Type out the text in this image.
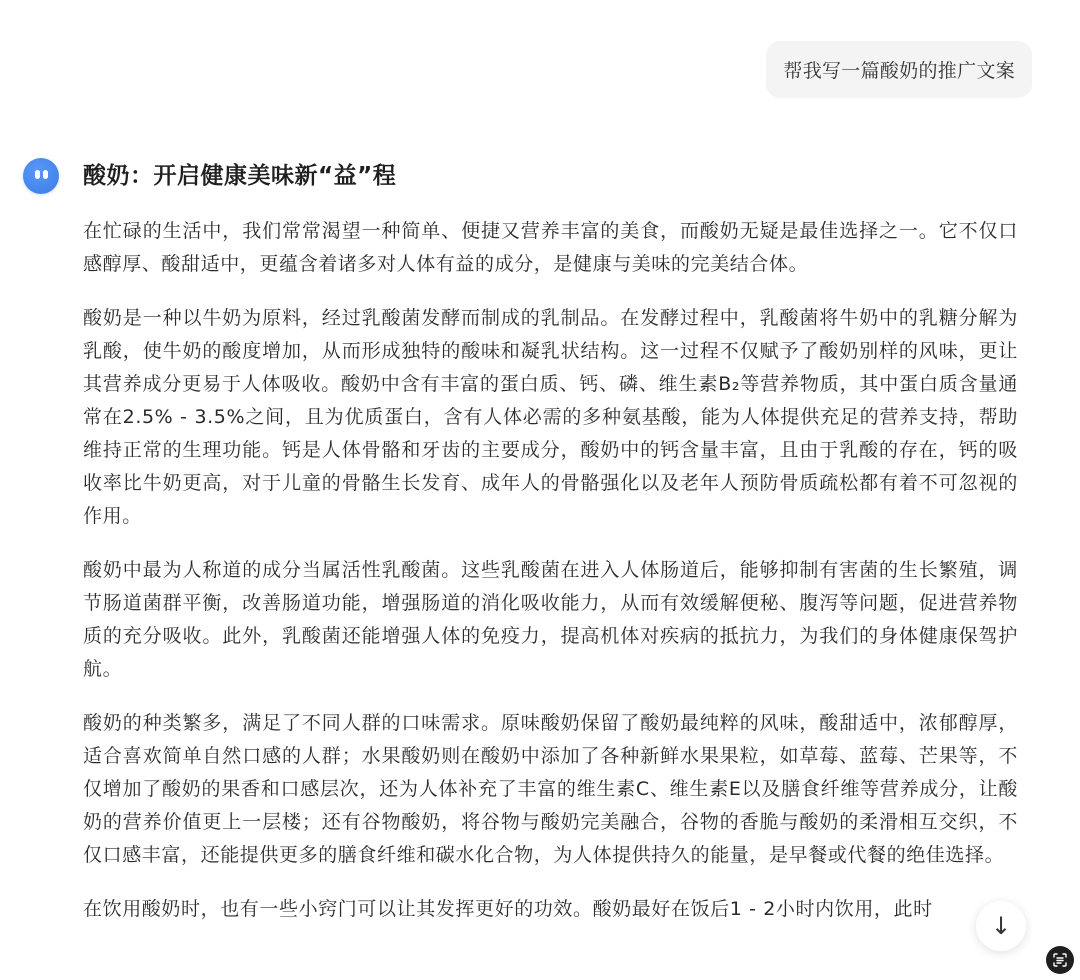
帮我写一篇酸奶的推广文案
酸奶：开启健康美味新“益”程

在忙碌的生活中，我们常常渴望一种简单、便捷又营养丰富的美食，而酸奶无疑是最佳选择之一。它不仅口感醇厚、酸甜适中，更蕴含着诸多对人体有益的成分，是健康与美味的完美结合体。

酸奶是一种以牛奶为原料，经过乳酸菌发酵而制成的乳制品。在发酵过程中，乳酸菌将牛奶中的乳糖分解为乳酸，使牛奶的酸度增加，从而形成独特的酸味和凝乳状结构。这一过程不仅赋予了酸奶别样的风味，更让其营养成分更易于人体吸收。酸奶中含有丰富的蛋白质、钙、磷、维生素B₂等营养物质，其中蛋白质含量通常在2.5% - 3.5%之间，且为优质蛋白，含有人体必需的多种氨基酸，能为人体提供充足的营养支持，帮助维持正常的生理功能。钙是人体骨骼和牙齿的主要成分，酸奶中的钙含量丰富，且由于乳酸的存在，钙的吸收率比牛奶更高，对于儿童的骨骼生长发育、成年人的骨骼强化以及老年人预防骨质疏松都有着不可忽视的作用。

酸奶中最为人称道的成分当属活性乳酸菌。这些乳酸菌在进入人体肠道后，能够抑制有害菌的生长繁殖，调节肠道菌群平衡，改善肠道功能，增强肠道的消化吸收能力，从而有效缓解便秘、腹泻等问题，促进营养物质的充分吸收。此外，乳酸菌还能增强人体的免疫力，提高机体对疾病的抵抗力，为我们的身体健康保驾护航。

酸奶的种类繁多，满足了不同人群的口味需求。原味酸奶保留了酸奶最纯粹的风味，酸甜适中，浓郁醇厚，适合喜欢简单自然口感的人群；水果酸奶则在酸奶中添加了各种新鲜水果果粒，如草莓、蓝莓、芒果等，不仅增加了酸奶的果香和口感层次，还为人体补充了丰富的维生素C、维生素E以及膳食纤维等营养成分，让酸奶的营养价值更上一层楼；还有谷物酸奶，将谷物与酸奶完美融合，谷物的香脆与酸奶的柔滑相互交织，不仅口感丰富，还能提供更多的膳食纤维和碳水化合物，为人体提供持久的能量，是早餐或代餐的绝佳选择。

在饮用酸奶时，也有一些小窍门可以让其发挥更好的功效。酸奶最好在饭后1 - 2小时内饮用，此时

↓
